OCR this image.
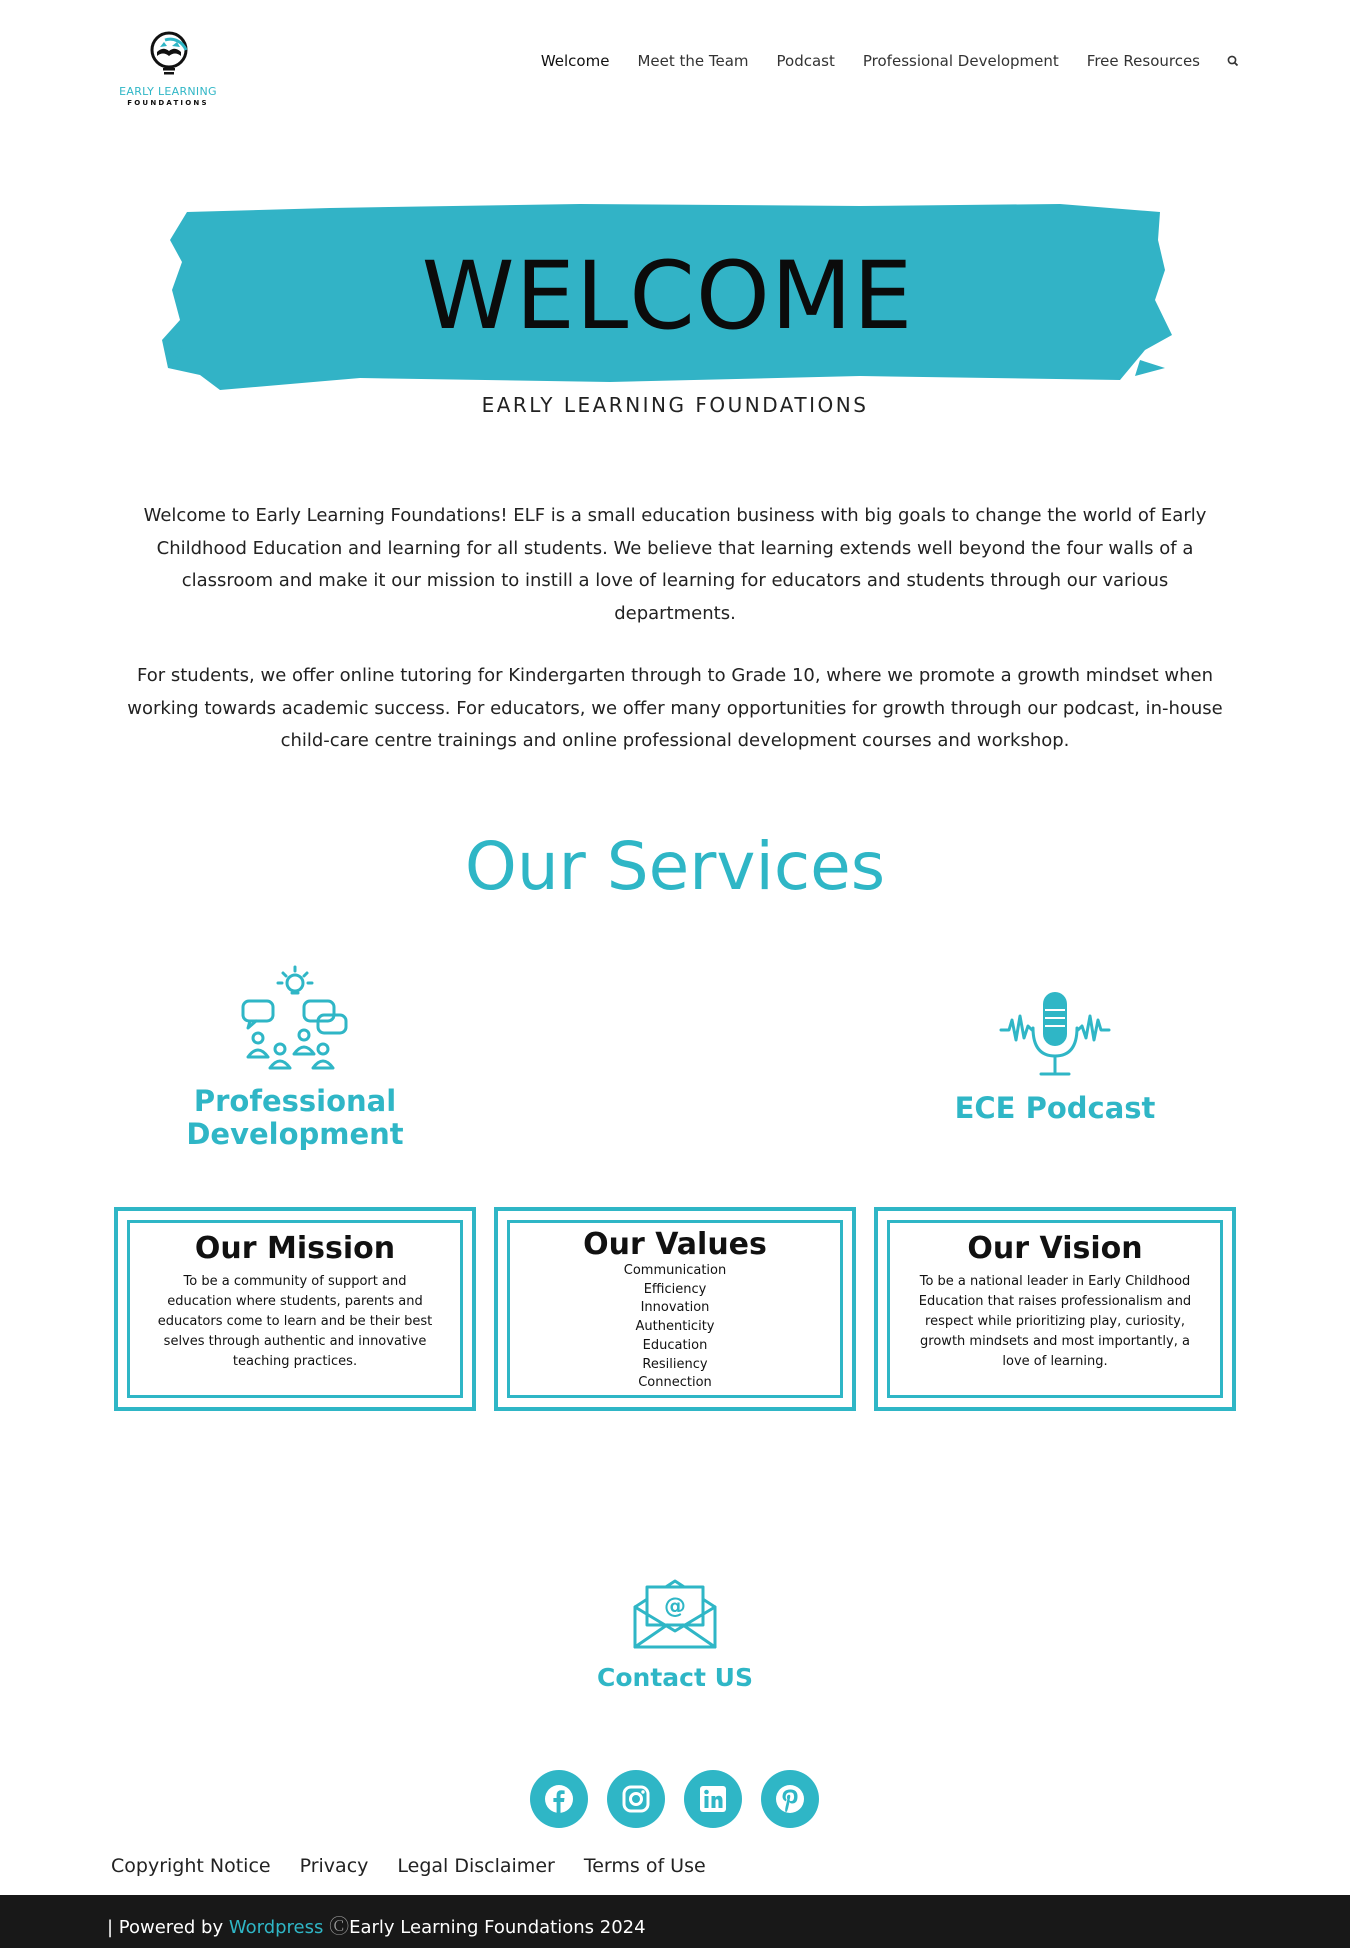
EARLY LEARNING
FOUNDATIONS
Welcome Meet the Team Podcast Professional Development Free Resources
WELCOME
EARLY LEARNING FOUNDATIONS

Welcome to Early Learning Foundations! ELF is a small education business with big goals to change the world of Early Childhood Education and learning for all students. We believe that learning extends well beyond the four walls of a classroom and make it our mission to instill a love of learning for educators and students through our various departments.

For students, we offer online tutoring for Kindergarten through to Grade 10, where we promote a growth mindset when working towards academic success. For educators, we offer many opportunities for growth through our podcast, in-house child-care centre trainings and online professional development courses and workshop.

Our Services
Professional
Development
ECE Podcast
Our Mission
To be a community of support and education where students, parents and educators come to learn and be their best selves through authentic and innovative teaching practices.
Our Values
Communication
Efficiency
Innovation
Authenticity
Education
Resiliency
Connection
Our Vision
To be a national leader in Early Childhood Education that raises professionalism and respect while prioritizing play, curiosity, growth mindsets and most importantly, a love of learning.
@
Contact US
Copyright Notice Privacy Legal Disclaimer Terms of Use
| Powered by Wordpress ⒸEarly Learning Foundations 2024
